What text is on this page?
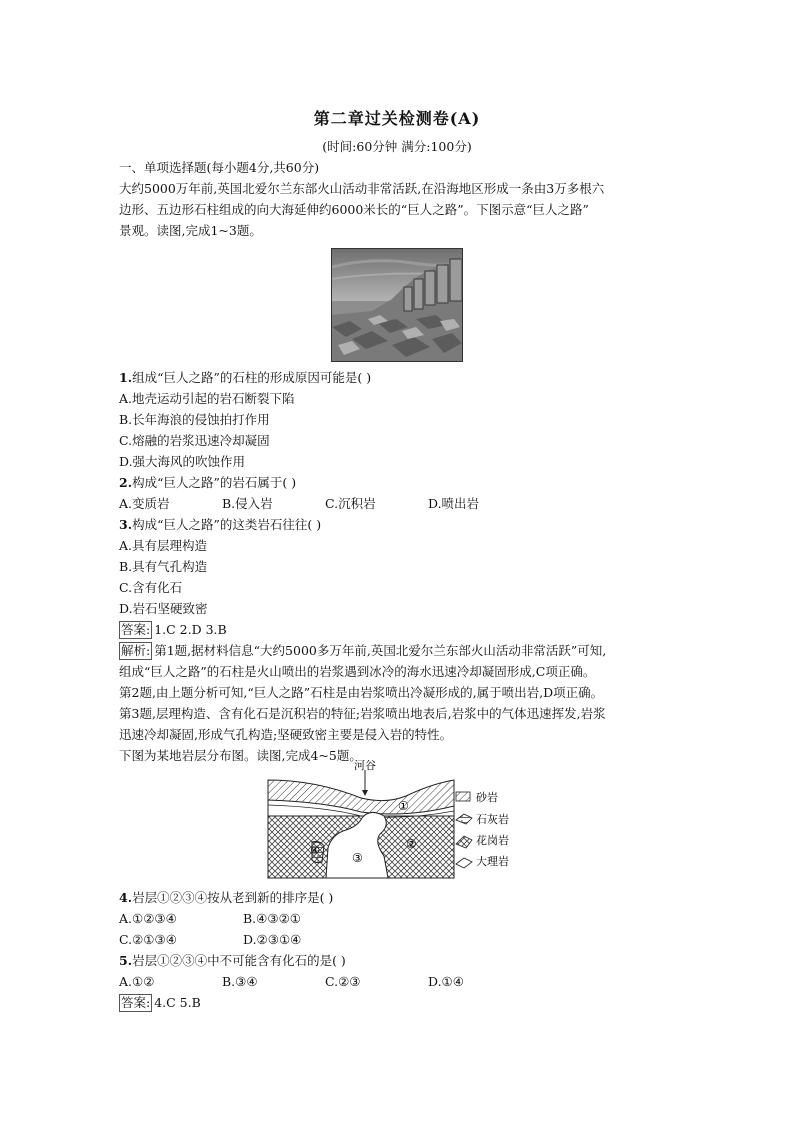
第二章过关检测卷(A)
(时间:60分钟 满分:100分)
一、单项选择题(每小题4分,共60分)
大约5000万年前,英国北爱尔兰东部火山活动非常活跃,在沿海地区形成一条由3万多根六
边形、五边形石柱组成的向大海延伸约6000米长的“巨人之路”。下图示意“巨人之路”
景观。读图,完成1~3题。
1.组成“巨人之路”的石柱的形成原因可能是( )
A.地壳运动引起的岩石断裂下陷
B.长年海浪的侵蚀拍打作用
C.熔融的岩浆迅速冷却凝固
D.强大海风的吹蚀作用
2.构成“巨人之路”的岩石属于( )
A.变质岩	B.侵入岩	C.沉积岩	D.喷出岩
3.构成“巨人之路”的这类岩石往往( )
A.具有层理构造
B.具有气孔构造
C.含有化石
D.岩石坚硬致密
答案: 1.C 2.D 3.B
解析: 第1题,据材料信息“大约5000多万年前,英国北爱尔兰东部火山活动非常活跃”可知,
组成“巨人之路”的石柱是火山喷出的岩浆遇到冰冷的海水迅速冷却凝固形成,C项正确。
第2题,由上题分析可知,“巨人之路”石柱是由岩浆喷出冷凝形成的,属于喷出岩,D项正确。
第3题,层理构造、含有化石是沉积岩的特征;岩浆喷出地表后,岩浆中的气体迅速挥发,岩浆
迅速冷却凝固,形成气孔构造;坚硬致密主要是侵入岩的特性。
下图为某地岩层分布图。读图,完成4~5题。
河谷
①
②
③
④
砂岩
石灰岩
花岗岩
大理岩
4.岩层①②③④按从老到新的排序是( )
A.①②③④	B.④③②①
C.②①③④	D.②③①④
5.岩层①②③④中不可能含有化石的是( )
A.①②	B.③④	C.②③	D.①④
答案: 4.C 5.B
